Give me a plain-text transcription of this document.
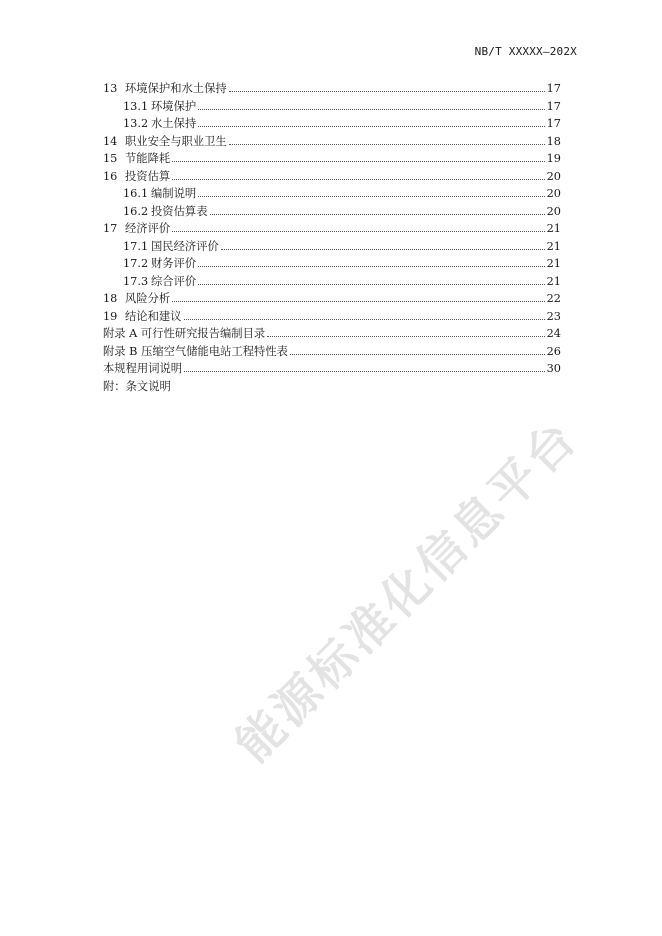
NB/T XXXXX—202X
13 环境保护和水土保持	17
13.1 环境保护	17
13.2 水土保持	17
14 职业安全与职业卫生	18
15 节能降耗	19
16 投资估算	20
16.1 编制说明	20
16.2 投资估算表	20
17 经济评价	21
17.1 国民经济评价	21
17.2 财务评价	21
17.3 综合评价	21
18 风险分析	22
19 结论和建议	23
附录 A 可行性研究报告编制目录	24
附录 B 压缩空气储能电站工程特性表	26
本规程用词说明	30
附：条文说明
能源标准化信息平台
